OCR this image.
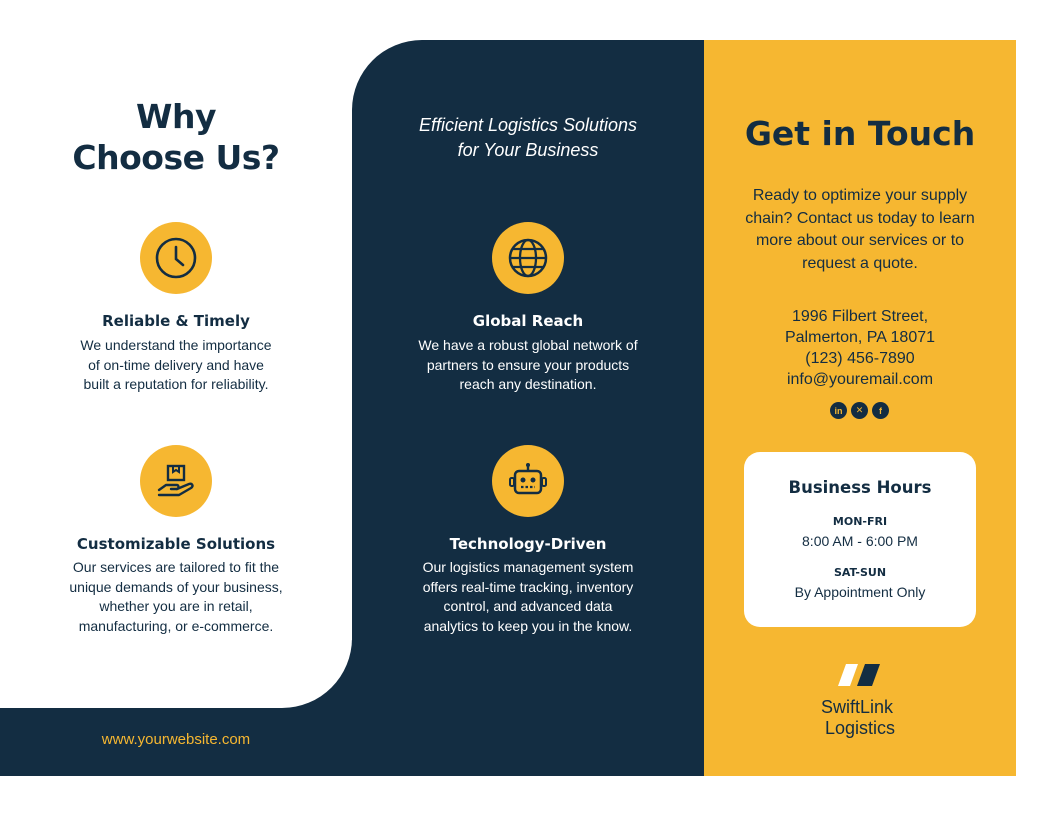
Why
Choose Us?
Reliable & Timely
We understand the importance
of on-time delivery and have
built a reputation for reliability.
Customizable Solutions
Our services are tailored to fit the
unique demands of your business,
whether you are in retail,
manufacturing, or e-commerce.
www.yourwebsite.com
Efficient Logistics Solutions
for Your Business
Global Reach
We have a robust global network of
partners to ensure your products
reach any destination.
Technology-Driven
Our logistics management system
offers real-time tracking, inventory
control, and advanced data
analytics to keep you in the know.
Get in Touch
Ready to optimize your supply
chain? Contact us today to learn
more about our services or to
request a quote.
1996 Filbert Street,
Palmerton, PA 18071
(123) 456-7890
info@youremail.com
in	✕	f
Business Hours
MON-FRI
8:00 AM - 6:00 PM
SAT-SUN
By Appointment Only
SwiftLink
Logistics
